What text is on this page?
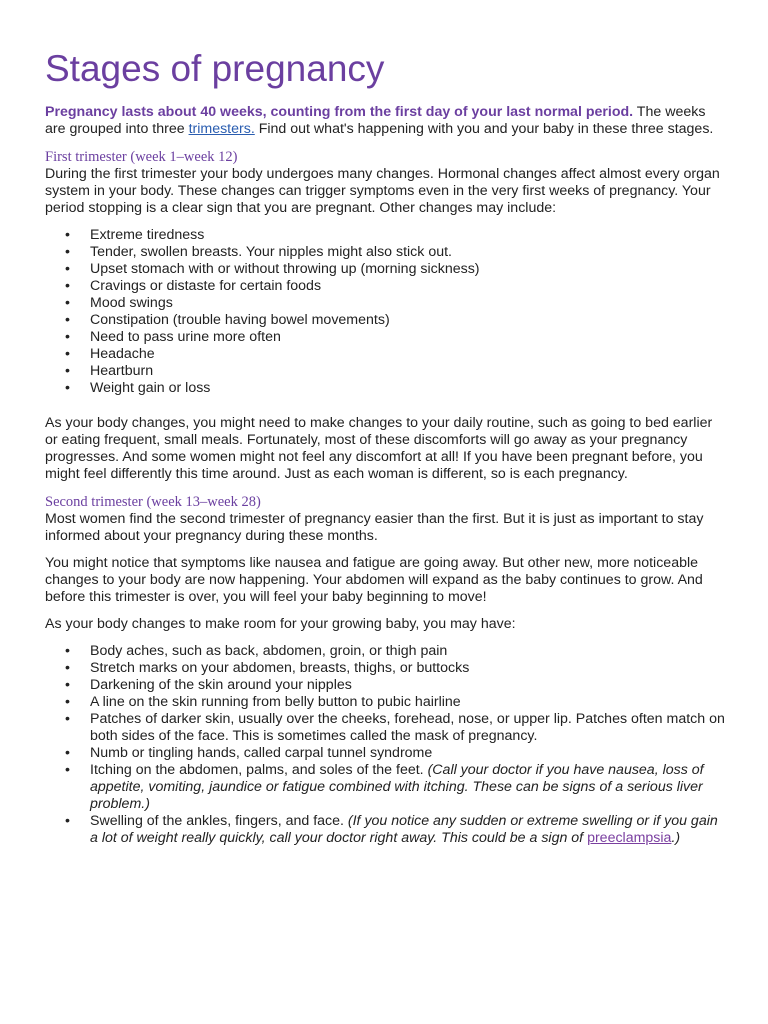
Stages of pregnancy

Pregnancy lasts about 40 weeks, counting from the first day of your last normal period. The weeks are grouped into three trimesters. Find out what's happening with you and your baby in these three stages.

First trimester (week 1–week 12)

During the first trimester your body undergoes many changes. Hormonal changes affect almost every organ system in your body. These changes can trigger symptoms even in the very first weeks of pregnancy. Your period stopping is a clear sign that you are pregnant. Other changes may include:

• Extreme tiredness
• Tender, swollen breasts. Your nipples might also stick out.
• Upset stomach with or without throwing up (morning sickness)
• Cravings or distaste for certain foods
• Mood swings
• Constipation (trouble having bowel movements)
• Need to pass urine more often
• Headache
• Heartburn
• Weight gain or loss

As your body changes, you might need to make changes to your daily routine, such as going to bed earlier or eating frequent, small meals. Fortunately, most of these discomforts will go away as your pregnancy progresses. And some women might not feel any discomfort at all! If you have been pregnant before, you might feel differently this time around. Just as each woman is different, so is each pregnancy.

Second trimester (week 13–week 28)

Most women find the second trimester of pregnancy easier than the first. But it is just as important to stay informed about your pregnancy during these months.

You might notice that symptoms like nausea and fatigue are going away. But other new, more noticeable changes to your body are now happening. Your abdomen will expand as the baby continues to grow. And before this trimester is over, you will feel your baby beginning to move!

As your body changes to make room for your growing baby, you may have:

• Body aches, such as back, abdomen, groin, or thigh pain
• Stretch marks on your abdomen, breasts, thighs, or buttocks
• Darkening of the skin around your nipples
• A line on the skin running from belly button to pubic hairline
• Patches of darker skin, usually over the cheeks, forehead, nose, or upper lip. Patches often match on both sides of the face. This is sometimes called the mask of pregnancy.
• Numb or tingling hands, called carpal tunnel syndrome
• Itching on the abdomen, palms, and soles of the feet. (Call your doctor if you have nausea, loss of appetite, vomiting, jaundice or fatigue combined with itching. These can be signs of a serious liver problem.)
• Swelling of the ankles, fingers, and face. (If you notice any sudden or extreme swelling or if you gain a lot of weight really quickly, call your doctor right away. This could be a sign of preeclampsia.)
